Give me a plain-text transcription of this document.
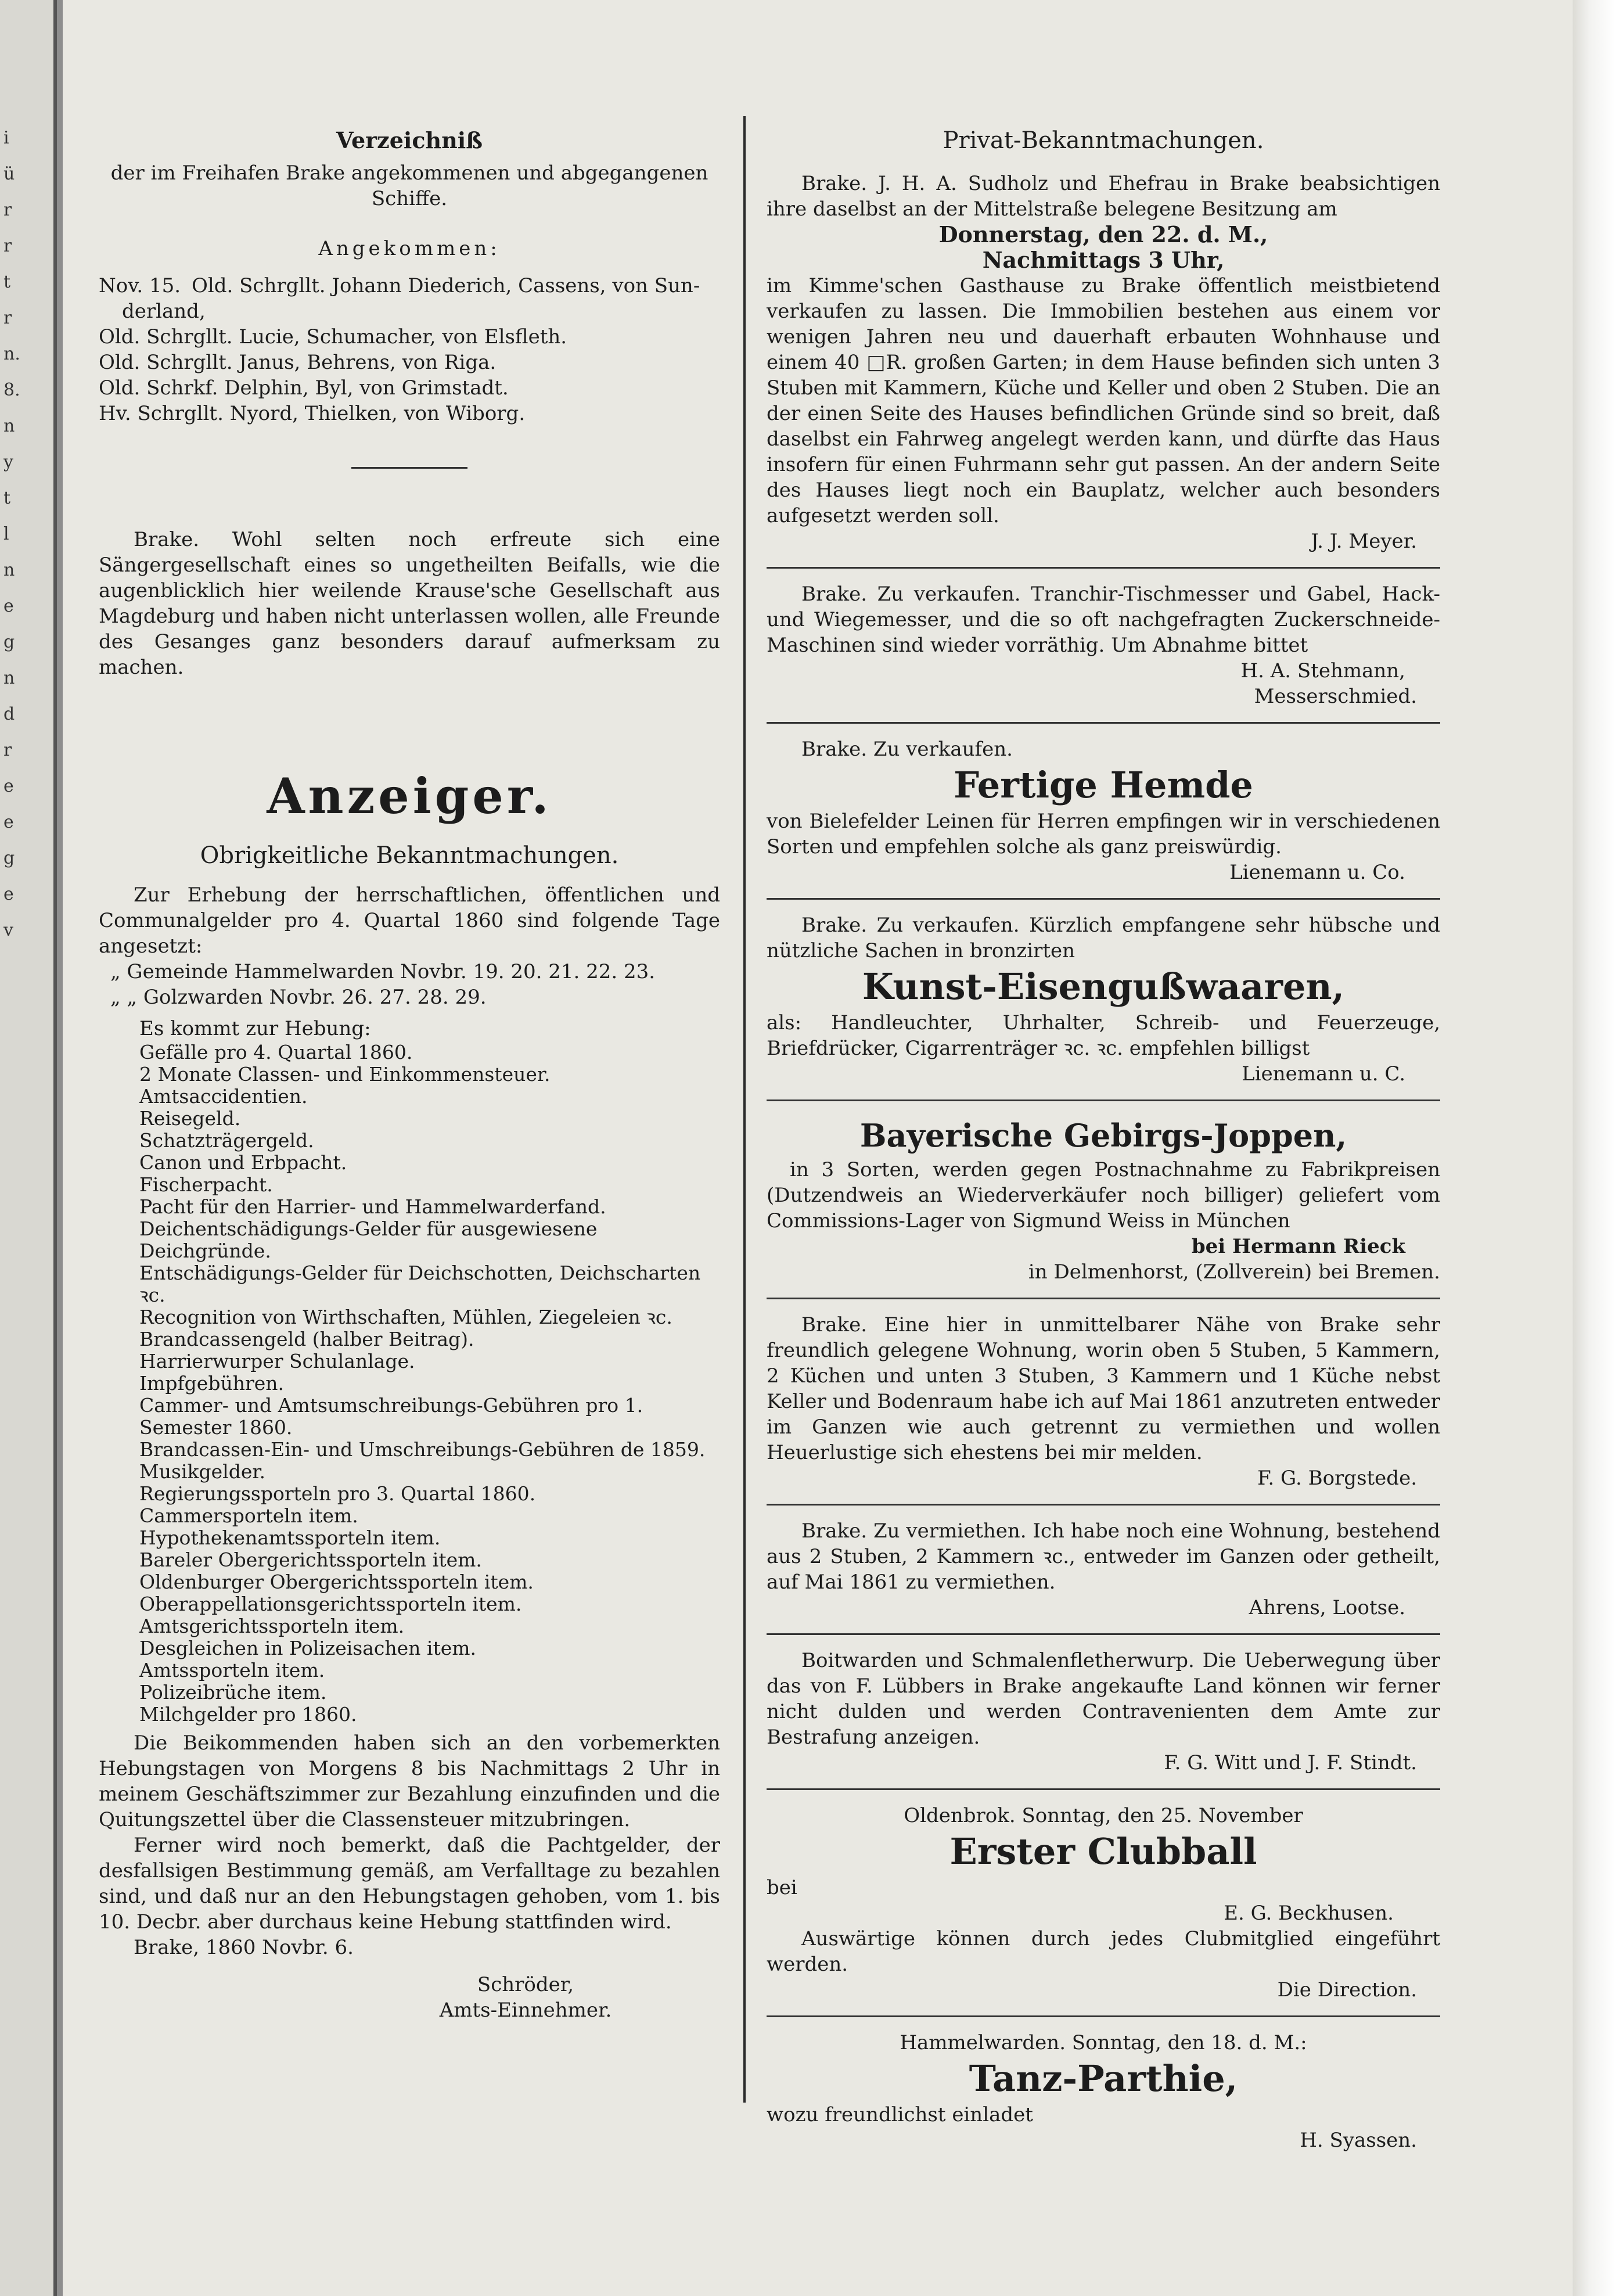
i
ü
r
r
t
r
n.
8.
n
y
t
l
n
e
g
n
d
r
e
e
g
e
v

Verzeichniß

der im Freihafen Brake angekommenen und abgegangenen Schiffe.

Angekommen:

Nov. 15. Old. Schrgllt. Johann Diederich, Cassens, von Sun-

derland,

Old. Schrgllt. Lucie, Schumacher, von Elsfleth.

Old. Schrgllt. Janus, Behrens, von Riga.

Old. Schrkf. Delphin, Byl, von Grimstadt.

Hv. Schrgllt. Nyord, Thielken, von Wiborg.

Brake. Wohl selten noch erfreute sich eine Sängergesellschaft eines so ungetheilten Beifalls, wie die augenblicklich hier weilende Krause'sche Gesellschaft aus Magdeburg und haben nicht unterlassen wollen, alle Freunde des Gesanges ganz besonders darauf aufmerksam zu machen.

Anzeiger.

Obrigkeitliche Bekanntmachungen.

Zur Erhebung der herrschaftlichen, öffentlichen und Communalgelder pro 4. Quartal 1860 sind folgende Tage angesetzt:

„ Gemeinde Hammelwarden Novbr. 19. 20. 21. 22. 23.

„ „ Golzwarden Novbr. 26. 27. 28. 29.

Es kommt zur Hebung:

Gefälle pro 4. Quartal 1860.

2 Monate Classen- und Einkommensteuer.

Amtsaccidentien.

Reisegeld.

Schatzträgergeld.

Canon und Erbpacht.

Fischerpacht.

Pacht für den Harrier- und Hammelwarderfand.

Deichentschädigungs-Gelder für ausgewiesene Deichgründe.

Entschädigungs-Gelder für Deichschotten, Deichscharten ꝛc.

Recognition von Wirthschaften, Mühlen, Ziegeleien ꝛc.

Brandcassengeld (halber Beitrag).

Harrierwurper Schulanlage.

Impfgebühren.

Cammer- und Amtsumschreibungs-Gebühren pro 1. Semester 1860.

Brandcassen-Ein- und Umschreibungs-Gebühren de 1859.

Musikgelder.

Regierungssporteln pro 3. Quartal 1860.

Cammersporteln item.

Hypothekenamtssporteln item.

Bareler Obergerichtssporteln item.

Oldenburger Obergerichtssporteln item.

Oberappellationsgerichtssporteln item.

Amtsgerichtssporteln item.

Desgleichen in Polizeisachen item.

Amtssporteln item.

Polizeibrüche item.

Milchgelder pro 1860.

Die Beikommenden haben sich an den vorbemerkten Hebungstagen von Morgens 8 bis Nachmittags 2 Uhr in meinem Geschäftszimmer zur Bezahlung einzufinden und die Quitungszettel über die Classensteuer mitzubringen.

Ferner wird noch bemerkt, daß die Pachtgelder, der desfallsigen Bestimmung gemäß, am Verfalltage zu bezahlen sind, und daß nur an den Hebungstagen gehoben, vom 1. bis 10. Decbr. aber durchaus keine Hebung stattfinden wird.

Brake, 1860 Novbr. 6.

Schröder,

Amts-Einnehmer.

Privat-Bekanntmachungen.

Brake. J. H. A. Sudholz und Ehefrau in Brake beabsichtigen ihre daselbst an der Mittelstraße belegene Besitzung am

Donnerstag, den 22. d. M.,

Nachmittags 3 Uhr,

im Kimme'schen Gasthause zu Brake öffentlich meistbietend verkaufen zu lassen. Die Immobilien bestehen aus einem vor wenigen Jahren neu und dauerhaft erbauten Wohnhause und einem 40 □R. großen Garten; in dem Hause befinden sich unten 3 Stuben mit Kammern, Küche und Keller und oben 2 Stuben. Die an der einen Seite des Hauses befindlichen Gründe sind so breit, daß daselbst ein Fahrweg angelegt werden kann, und dürfte das Haus insofern für einen Fuhrmann sehr gut passen. An der andern Seite des Hauses liegt noch ein Bauplatz, welcher auch besonders aufgesetzt werden soll.

J. J. Meyer.

Brake. Zu verkaufen. Tranchir-Tischmesser und Gabel, Hack- und Wiegemesser, und die so oft nachgefragten Zuckerschneide-Maschinen sind wieder vorräthig. Um Abnahme bittet

H. A. Stehmann,

Messerschmied.

Brake. Zu verkaufen.

Fertige Hemde

von Bielefelder Leinen für Herren empfingen wir in verschiedenen Sorten und empfehlen solche als ganz preiswürdig.

Lienemann u. Co.

Brake. Zu verkaufen. Kürzlich empfangene sehr hübsche und nützliche Sachen in bronzirten

Kunst-Eisengußwaaren,

als: Handleuchter, Uhrhalter, Schreib- und Feuerzeuge, Briefdrücker, Cigarrenträger ꝛc. ꝛc. empfehlen billigst

Lienemann u. C.

Bayerische Gebirgs-Joppen,

in 3 Sorten, werden gegen Postnachnahme zu Fabrikpreisen (Dutzendweis an Wiederverkäufer noch billiger) geliefert vom Commissions-Lager von Sigmund Weiss in München

bei Hermann Rieck

in Delmenhorst, (Zollverein) bei Bremen.

Brake. Eine hier in unmittelbarer Nähe von Brake sehr freundlich gelegene Wohnung, worin oben 5 Stuben, 5 Kammern, 2 Küchen und unten 3 Stuben, 3 Kammern und 1 Küche nebst Keller und Bodenraum habe ich auf Mai 1861 anzutreten entweder im Ganzen wie auch getrennt zu vermiethen und wollen Heuerlustige sich ehestens bei mir melden.

F. G. Borgstede.

Brake. Zu vermiethen. Ich habe noch eine Wohnung, bestehend aus 2 Stuben, 2 Kammern ꝛc., entweder im Ganzen oder getheilt, auf Mai 1861 zu vermiethen.

Ahrens, Lootse.

Boitwarden und Schmalenfletherwurp. Die Ueberwegung über das von F. Lübbers in Brake angekaufte Land können wir ferner nicht dulden und werden Contravenienten dem Amte zur Bestrafung anzeigen.

F. G. Witt und J. F. Stindt.

Oldenbrok. Sonntag, den 25. November

Erster Clubball

bei

E. G. Beckhusen.

Auswärtige können durch jedes Clubmitglied eingeführt werden.

Die Direction.

Hammelwarden. Sonntag, den 18. d. M.:

Tanz-Parthie,

wozu freundlichst einladet

H. Syassen.
